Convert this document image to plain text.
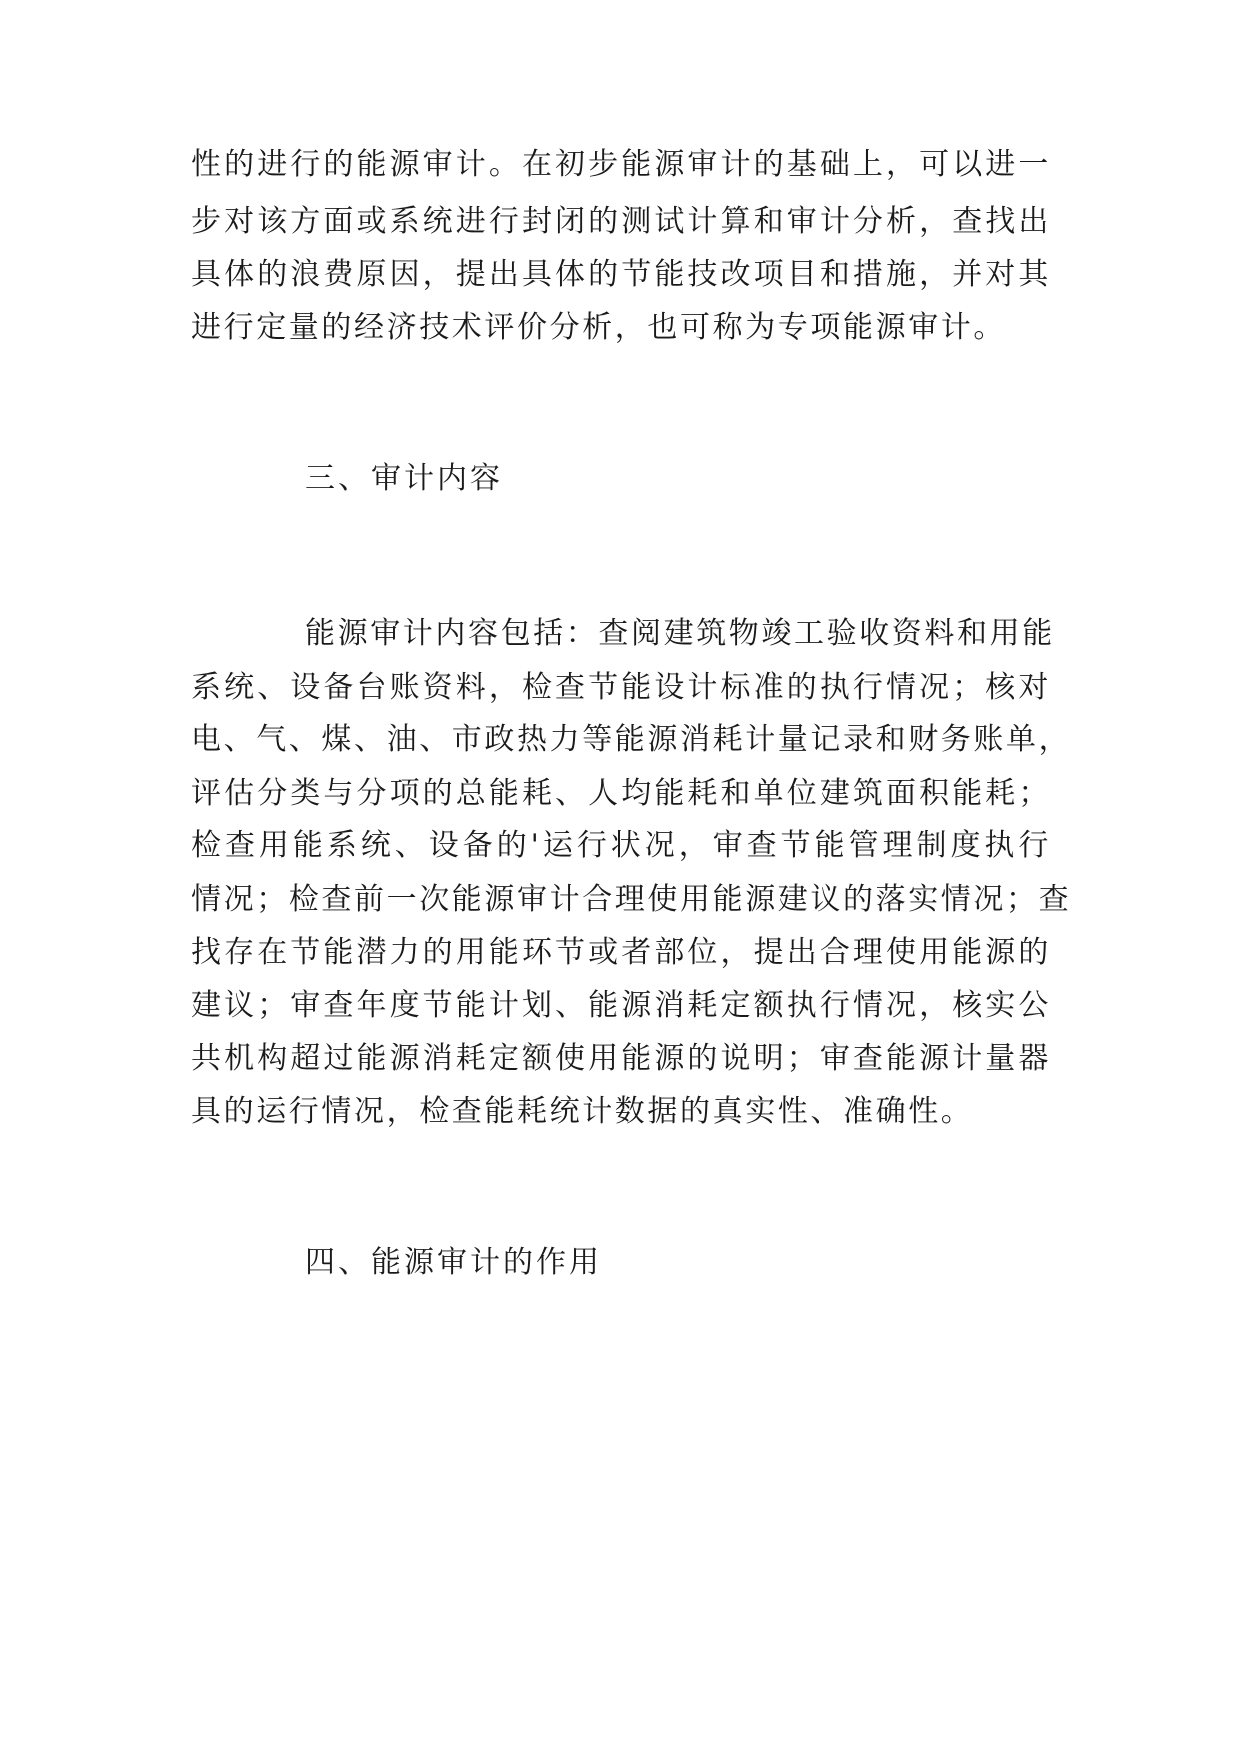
性的进行的能源审计。在初步能源审计的基础上，可以进一
步对该方面或系统进行封闭的测试计算和审计分析，查找出
具体的浪费原因，提出具体的节能技改项目和措施，并对其
进行定量的经济技术评价分析，也可称为专项能源审计。
三、审计内容
能源审计内容包括：查阅建筑物竣工验收资料和用能
系统、设备台账资料，检查节能设计标准的执行情况；核对
电、气、煤、油、市政热力等能源消耗计量记录和财务账单，
评估分类与分项的总能耗、人均能耗和单位建筑面积能耗；
检查用能系统、设备的'运行状况，审查节能管理制度执行
情况；检查前一次能源审计合理使用能源建议的落实情况；查
找存在节能潜力的用能环节或者部位，提出合理使用能源的
建议；审查年度节能计划、能源消耗定额执行情况，核实公
共机构超过能源消耗定额使用能源的说明；审查能源计量器
具的运行情况，检查能耗统计数据的真实性、准确性。
四、能源审计的作用
